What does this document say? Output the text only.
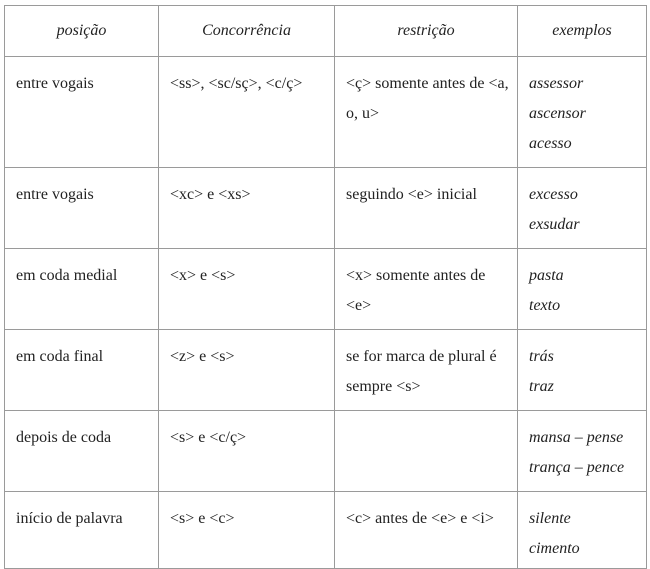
posição	Concorrência	restrição	exemplos
entre vogais	<ss>, <sc/sç>, <c/ç>	<ç> somente antes de <a, o, u>	assessor
ascensor
acesso

entre vogais	<xc> e <xs>	seguindo <e> inicial	excesso
exsudar

em coda medial	<x> e <s>	<x> somente antes de <e>	pasta
texto

em coda final	<z> e <s>	se for marca de plural é sempre <s>	trás
traz

depois de coda	<s> e <c/ç>		mansa – pense
trança – pence

início de palavra	<s> e <c>	<c> antes de <e> e <i>	silente
cimento
